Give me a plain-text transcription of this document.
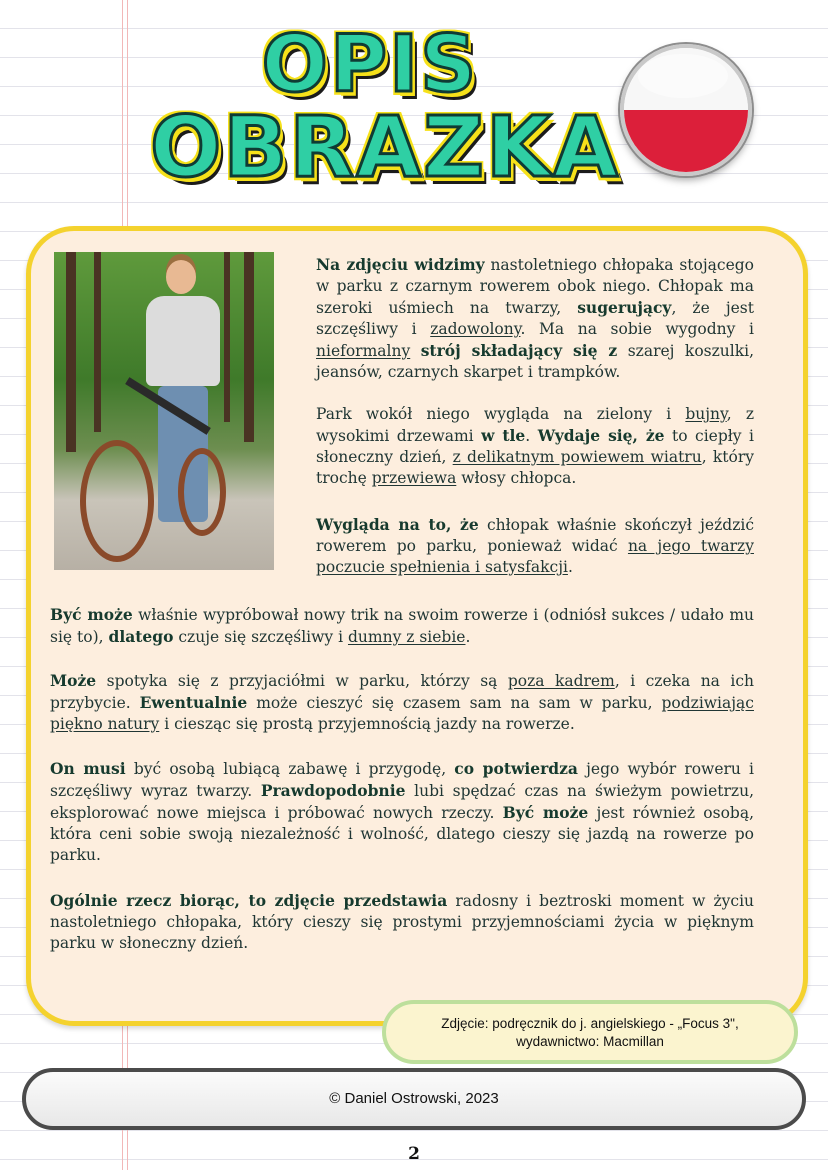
OPIS
OBRAZKA

Na zdjęciu widzimy nastoletniego chłopaka stojącego w parku z czarnym rowerem obok niego. Chłopak ma szeroki uśmiech na twarzy, sugerujący, że jest szczęśliwy i zadowolony. Ma na sobie wygodny i nieformalny strój składający się z szarej koszulki, jeansów, czarnych skarpet i trampków.

Park wokół niego wygląda na zielony i bujny, z wysokimi drzewami w tle. Wydaje się, że to ciepły i słoneczny dzień, z delikatnym powiewem wiatru, który trochę przewiewa włosy chłopca.

Wygląda na to, że chłopak właśnie skończył jeździć rowerem po parku, ponieważ widać na jego twarzy poczucie spełnienia i satysfakcji.

Być może właśnie wypróbował nowy trik na swoim rowerze i (odniósł sukces / udało mu się to), dlatego czuje się szczęśliwy i dumny z siebie.

Może spotyka się z przyjaciółmi w parku, którzy są poza kadrem, i czeka na ich przybycie. Ewentualnie może cieszyć się czasem sam na sam w parku, podziwiając piękno natury i ciesząc się prostą przyjemnością jazdy na rowerze.

On musi być osobą lubiącą zabawę i przygodę, co potwierdza jego wybór roweru i szczęśliwy wyraz twarzy. Prawdopodobnie lubi spędzać czas na świeżym powietrzu, eksplorować nowe miejsca i próbować nowych rzeczy. Być może jest również osobą, która ceni sobie swoją niezależność i wolność, dlatego cieszy się jazdą na rowerze po parku.

Ogólnie rzecz biorąc, to zdjęcie przedstawia radosny i beztroski moment w życiu nastoletniego chłopaka, który cieszy się prostymi przyjemnościami życia w pięknym parku w słoneczny dzień.

Zdjęcie: podręcznik do j. angielskiego - „Focus 3",
wydawnictwo: Macmillan
© Daniel Ostrowski, 2023
2
